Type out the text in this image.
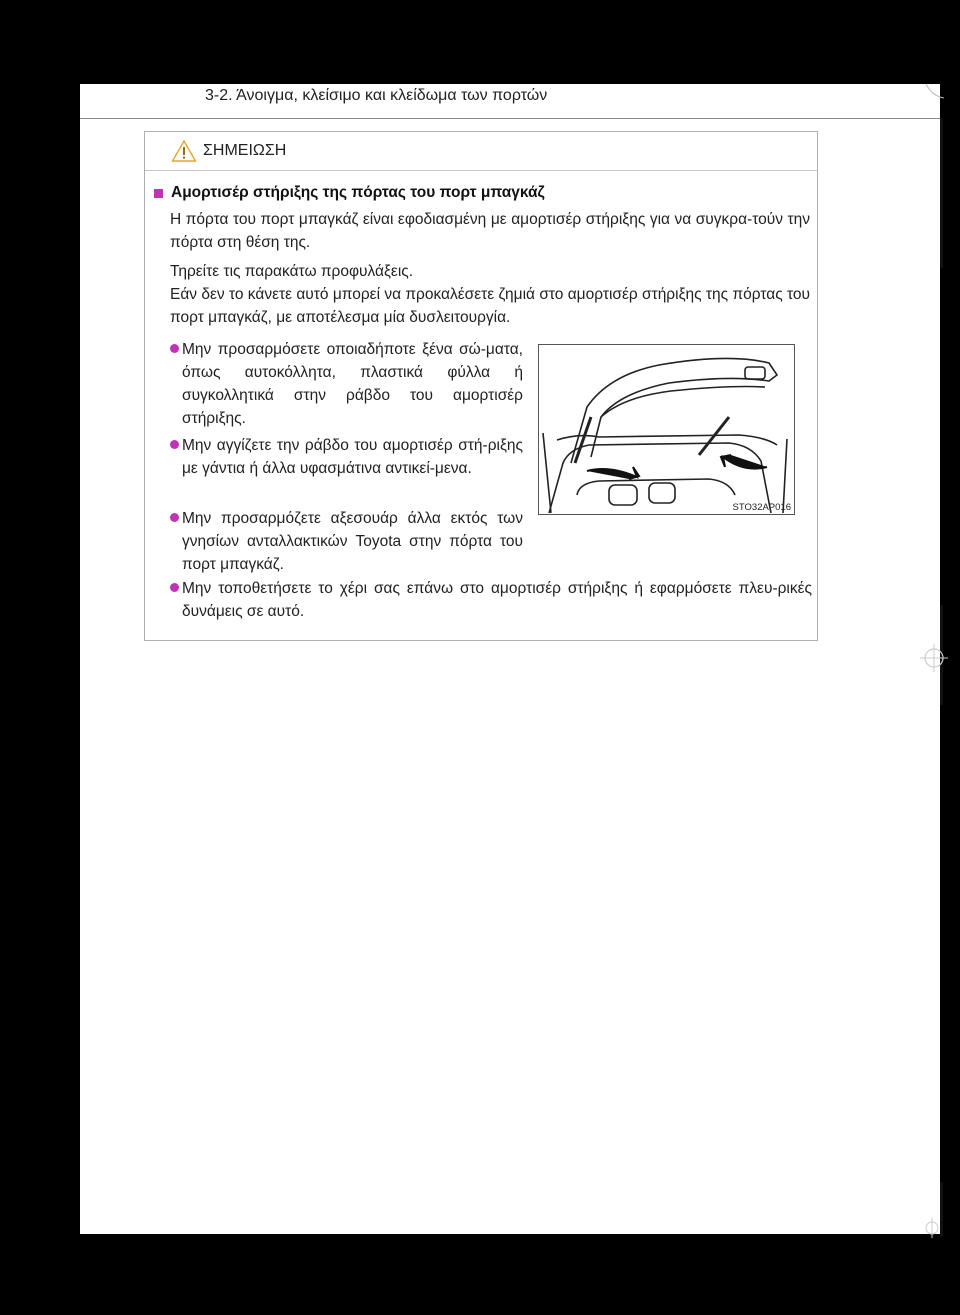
3-2. Άνοιγμα, κλείσιμο και κλείδωμα των πορτών
ΣΗΜΕΙΩΣΗ
Αμορτισέρ στήριξης της πόρτας του πορτ μπαγκάζ
Η πόρτα του πορτ μπαγκάζ είναι εφοδιασμένη με αμορτισέρ στήριξης για να συγκρα-τούν την πόρτα στη θέση της.
Τηρείτε τις παρακάτω προφυλάξεις.
Εάν δεν το κάνετε αυτό μπορεί να προκαλέσετε ζημιά στο αμορτισέρ στήριξης της πόρτας του πορτ μπαγκάζ, με αποτέλεσμα μία δυσλειτουργία.
Μην προσαρμόσετε οποιαδήποτε ξένα σώ-ματα, όπως αυτοκόλλητα, πλαστικά φύλλα ή συγκολλητικά στην ράβδο του αμορτισέρ στήριξης.
Μην αγγίζετε την ράβδο του αμορτισέρ στή-ριξης με γάντια ή άλλα υφασμάτινα αντικεί-μενα.
Μην προσαρμόζετε αξεσουάρ άλλα εκτός των γνησίων ανταλλακτικών Toyota στην πόρτα του πορτ μπαγκάζ.
Μην τοποθετήσετε το χέρι σας επάνω στο αμορτισέρ στήριξης ή εφαρμόσετε πλευ-ρικές δυνάμεις σε αυτό.
STO32AP016
